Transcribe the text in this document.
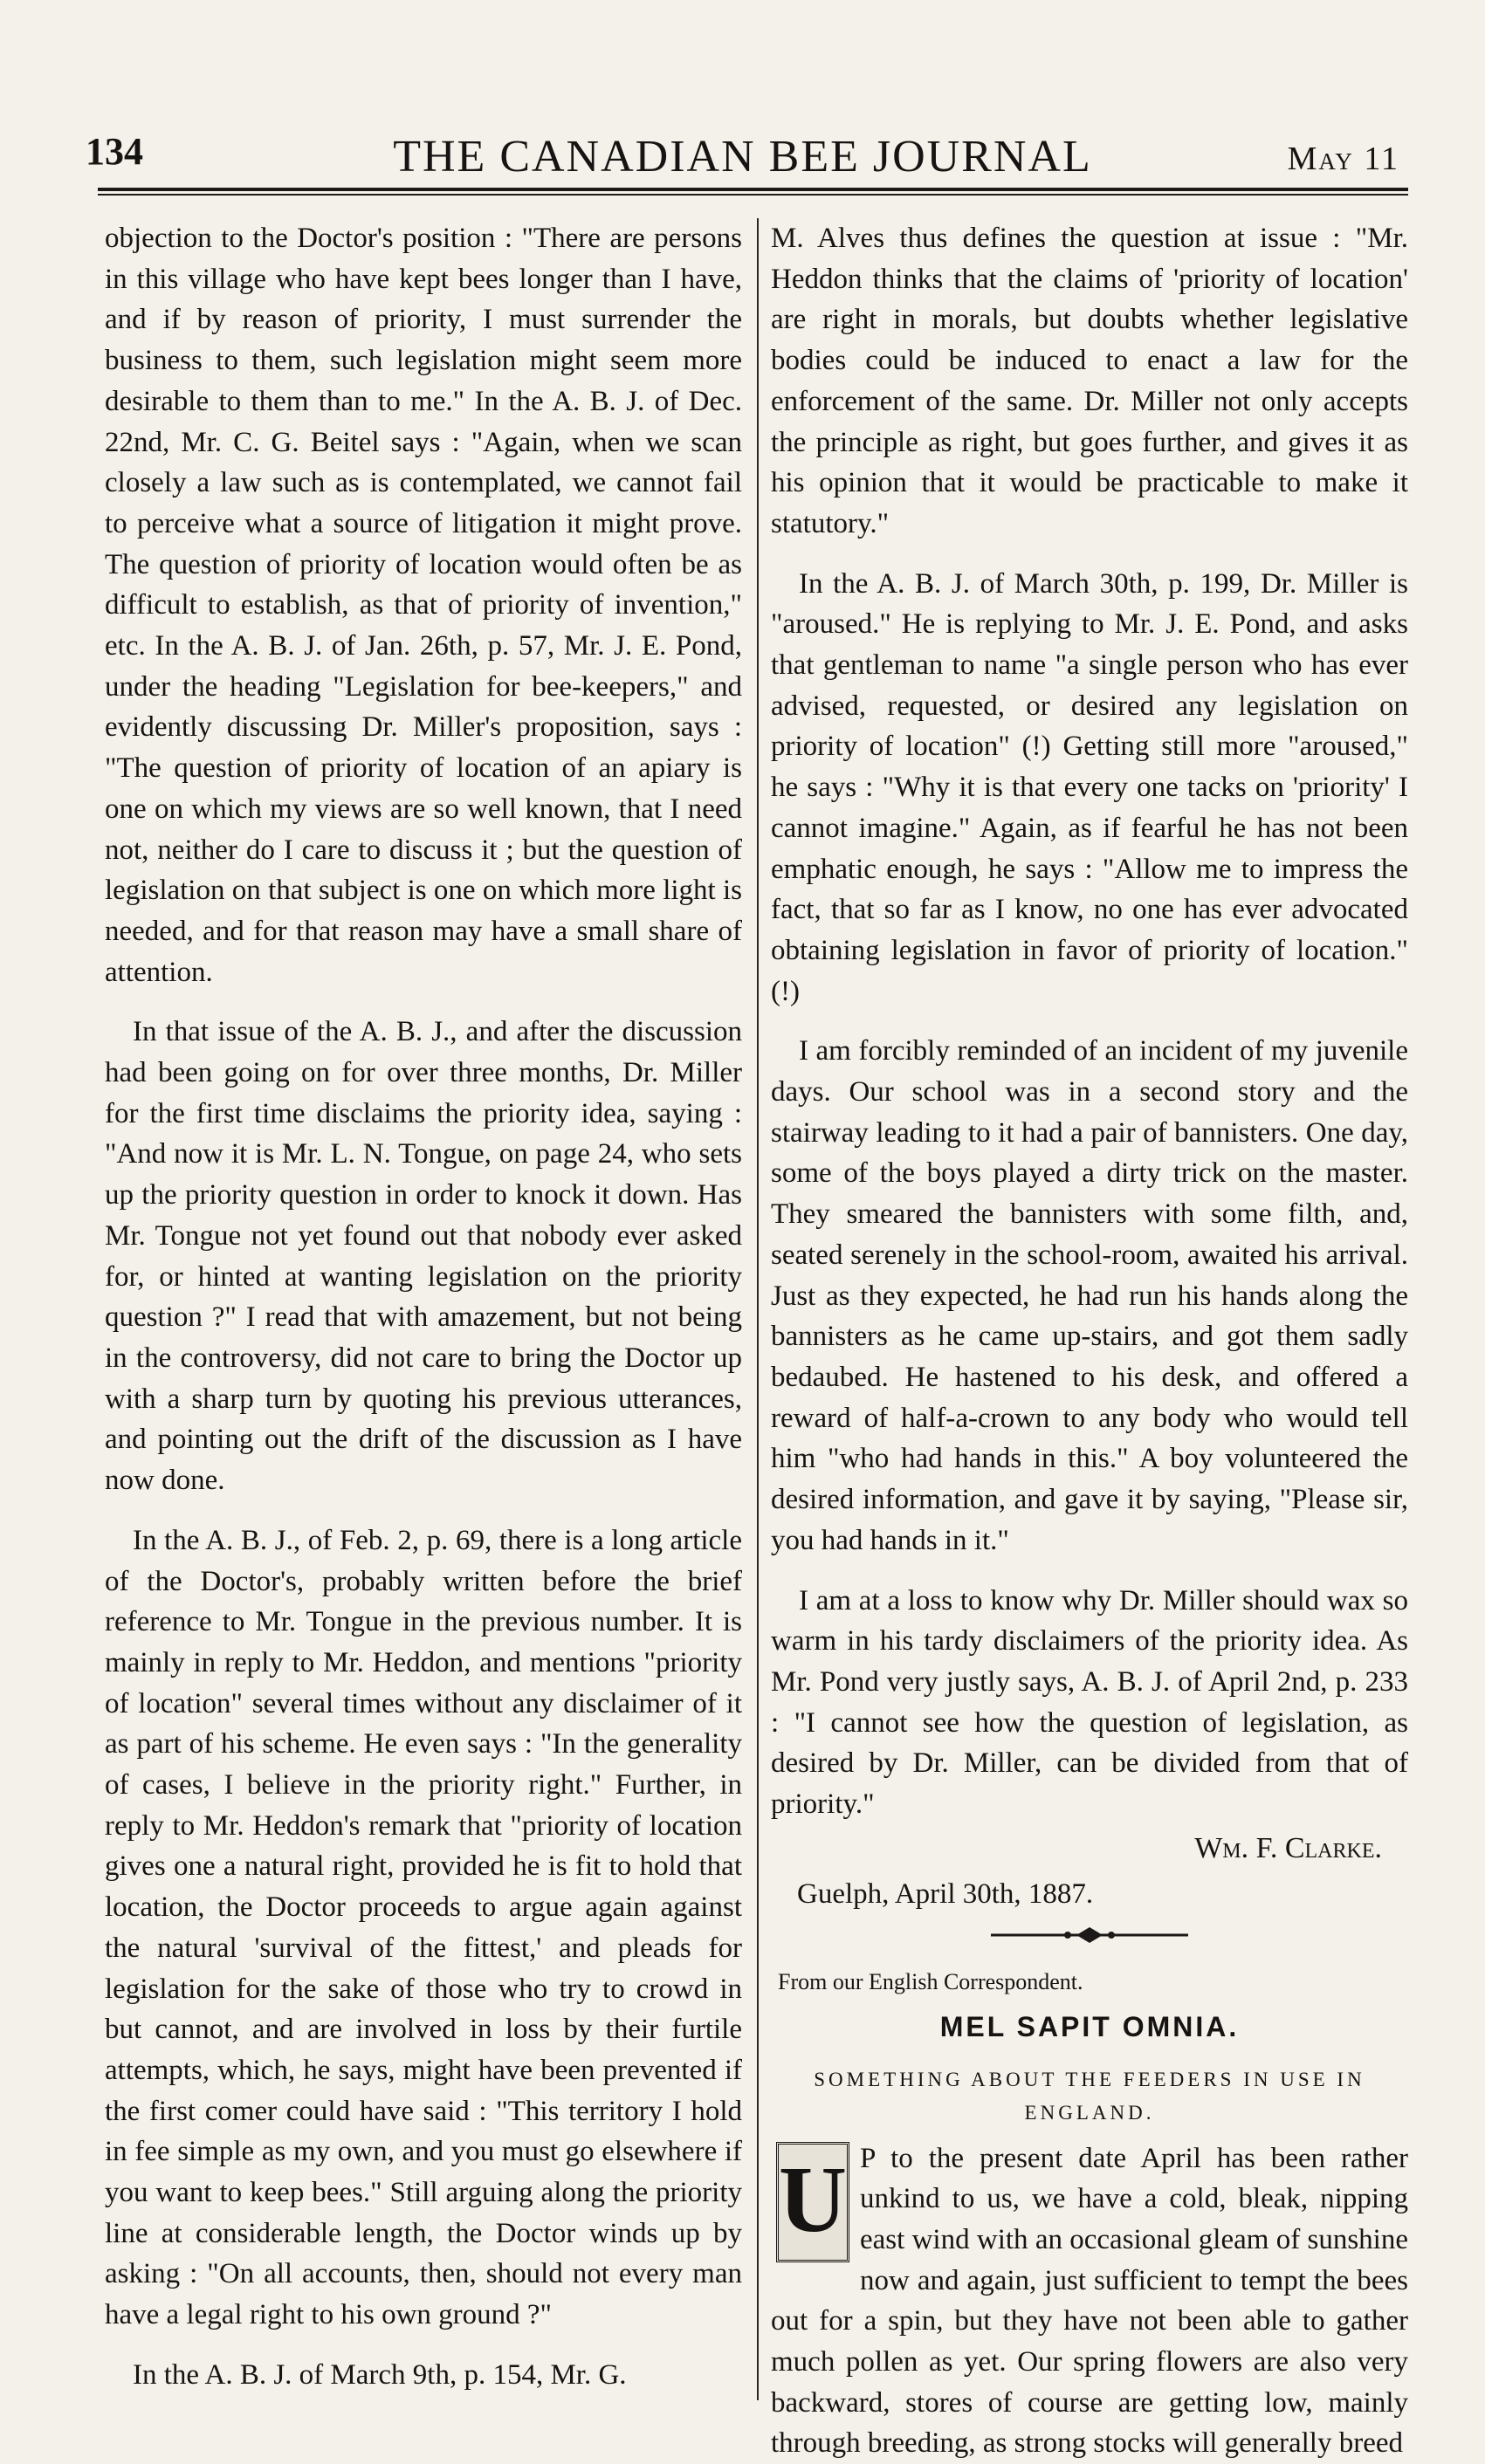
134	THE CANADIAN BEE JOURNAL	May 11

objection to the Doctor's position : "There are persons in this village who have kept bees longer than I have, and if by reason of priority, I must surrender the business to them, such legislation might seem more desirable to them than to me." In the A. B. J. of Dec. 22nd, Mr. C. G. Beitel says : "Again, when we scan closely a law such as is contemplated, we cannot fail to perceive what a source of litigation it might prove. The question of priority of location would often be as difficult to establish, as that of priority of invention," etc. In the A. B. J. of Jan. 26th, p. 57, Mr. J. E. Pond, under the heading "Legislation for bee-keepers," and evidently discussing Dr. Miller's proposition, says : "The question of priority of location of an apiary is one on which my views are so well known, that I need not, neither do I care to discuss it ; but the question of legislation on that subject is one on which more light is needed, and for that reason may have a small share of attention.

In that issue of the A. B. J., and after the discussion had been going on for over three months, Dr. Miller for the first time disclaims the priority idea, saying : "And now it is Mr. L. N. Tongue, on page 24, who sets up the priority question in order to knock it down. Has Mr. Tongue not yet found out that nobody ever asked for, or hinted at wanting legislation on the priority question ?" I read that with amazement, but not being in the controversy, did not care to bring the Doctor up with a sharp turn by quoting his previous utterances, and pointing out the drift of the discussion as I have now done.

In the A. B. J., of Feb. 2, p. 69, there is a long article of the Doctor's, probably written before the brief reference to Mr. Tongue in the previous number. It is mainly in reply to Mr. Heddon, and mentions "priority of location" several times without any disclaimer of it as part of his scheme. He even says : "In the generality of cases, I believe in the priority right." Further, in reply to Mr. Heddon's remark that "priority of location gives one a natural right, provided he is fit to hold that location, the Doctor proceeds to argue again against the natural 'survival of the fittest,' and pleads for legislation for the sake of those who try to crowd in but cannot, and are involved in loss by their furtile attempts, which, he says, might have been prevented if the first comer could have said : "This territory I hold in fee simple as my own, and you must go elsewhere if you want to keep bees." Still arguing along the priority line at considerable length, the Doctor winds up by asking : "On all accounts, then, should not every man have a legal right to his own ground ?"

In the A. B. J. of March 9th, p. 154, Mr. G.

M. Alves thus defines the question at issue : "Mr. Heddon thinks that the claims of 'priority of location' are right in morals, but doubts whether legislative bodies could be induced to enact a law for the enforcement of the same. Dr. Miller not only accepts the principle as right, but goes further, and gives it as his opinion that it would be practicable to make it statutory."

In the A. B. J. of March 30th, p. 199, Dr. Miller is "aroused." He is replying to Mr. J. E. Pond, and asks that gentleman to name "a single person who has ever advised, requested, or desired any legislation on priority of location" (!) Getting still more "aroused," he says : "Why it is that every one tacks on 'priority' I cannot imagine." Again, as if fearful he has not been emphatic enough, he says : "Allow me to impress the fact, that so far as I know, no one has ever advocated obtaining legislation in favor of priority of location." (!)

I am forcibly reminded of an incident of my juvenile days. Our school was in a second story and the stairway leading to it had a pair of bannisters. One day, some of the boys played a dirty trick on the master. They smeared the bannisters with some filth, and, seated serenely in the school-room, awaited his arrival. Just as they expected, he had run his hands along the bannisters as he came up-stairs, and got them sadly bedaubed. He hastened to his desk, and offered a reward of half-a-crown to any body who would tell him "who had hands in this." A boy volunteered the desired information, and gave it by saying, "Please sir, you had hands in it."

I am at a loss to know why Dr. Miller should wax so warm in his tardy disclaimers of the priority idea. As Mr. Pond very justly says, A. B. J. of April 2nd, p. 233 : "I cannot see how the question of legislation, as desired by Dr. Miller, can be divided from that of priority."

Wm. F. Clarke.
Guelph, April 30th, 1887.
From our English Correspondent.
MEL SAPIT OMNIA.
SOMETHING ABOUT THE FEEDERS IN USE IN ENGLAND.

U P to the present date April has been rather unkind to us, we have a cold, bleak, nipping east wind with an occasional gleam of sunshine now and again, just sufficient to tempt the bees out for a spin, but they have not been able to gather much pollen as yet. Our spring flowers are also very backward, stores of course are getting low, mainly through breeding, as strong stocks will generally breed
